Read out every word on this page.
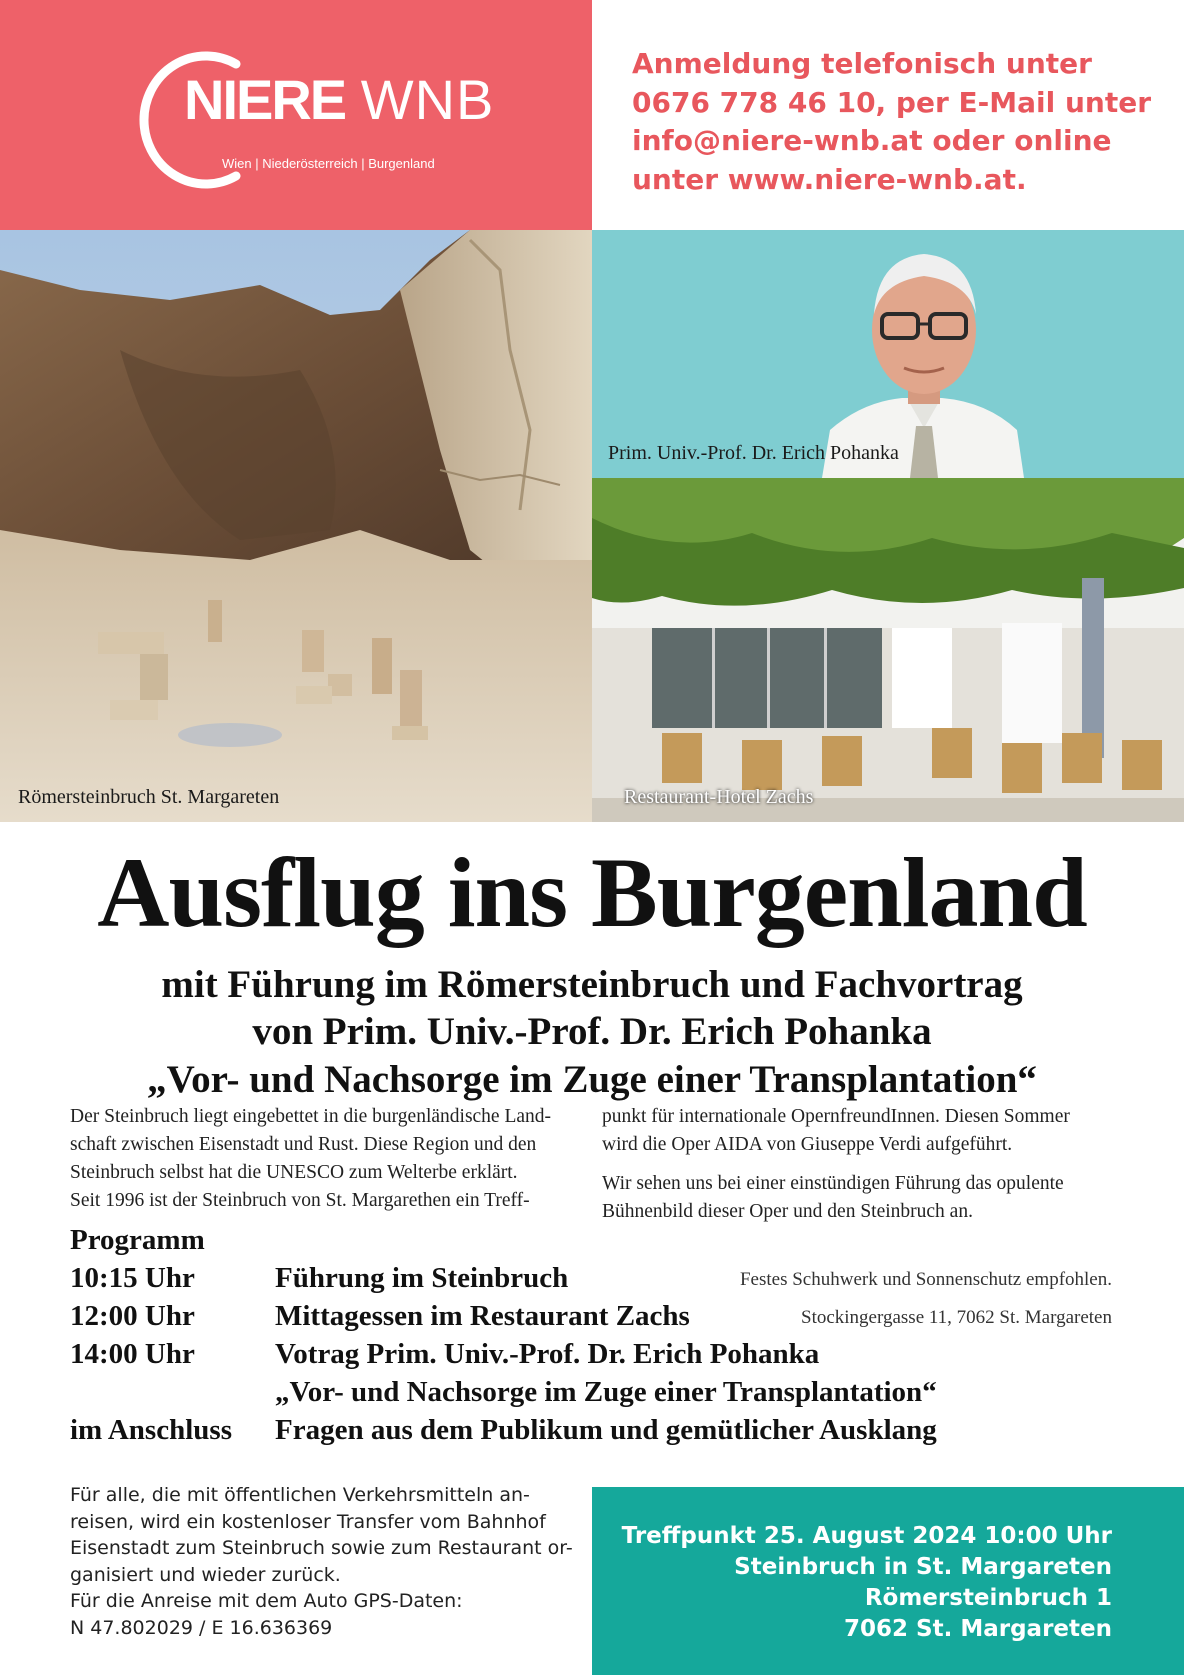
NIERE WNB
Wien | Niederösterreich | Burgenland
Anmeldung telefonisch unter
0676 778 46 10, per E-Mail unter
info@niere-wnb.at oder online
unter www.niere-wnb.at.
Römersteinbruch St. Margareten
Prim. Univ.-Prof. Dr. Erich Pohanka
Restaurant-Hotel Zachs
Ausflug ins Burgenland
mit Führung im Römersteinbruch und Fachvortrag
von Prim. Univ.-Prof. Dr. Erich Pohanka
„Vor- und Nachsorge im Zuge einer Transplantation“
Der Steinbruch liegt eingebettet in die burgenländische Land-
schaft zwischen Eisenstadt und Rust. Diese Region und den
Steinbruch selbst hat die UNESCO zum Welterbe erklärt.
Seit 1996 ist der Steinbruch von St. Margarethen ein Treff-
punkt für internationale OpernfreundInnen. Diesen Sommer
wird die Oper AIDA von Giuseppe Verdi aufgeführt.
Wir sehen uns bei einer einstündigen Führung das opulente
Bühnenbild dieser Oper und den Steinbruch an.
Programm
10:15 Uhr	Führung im Steinbruch	Festes Schuhwerk und Sonnenschutz empfohlen.
12:00 Uhr	Mittagessen im Restaurant Zachs	Stockingergasse 11, 7062 St. Margareten
14:00 Uhr	Votrag Prim. Univ.-Prof. Dr. Erich Pohanka
„Vor- und Nachsorge im Zuge einer Transplantation“
im Anschluss Fragen aus dem Publikum und gemütlicher Ausklang
Für alle, die mit öffentlichen Verkehrsmitteln an-
reisen, wird ein kostenloser Transfer vom Bahnhof
Eisenstadt zum Steinbruch sowie zum Restaurant or-
ganisiert und wieder zurück.
Für die Anreise mit dem Auto GPS-Daten:
N 47.802029 / E 16.636369
Treffpunkt 25. August 2024 10:00 Uhr
Steinbruch in St. Margareten
Römersteinbruch 1
7062 St. Margareten
